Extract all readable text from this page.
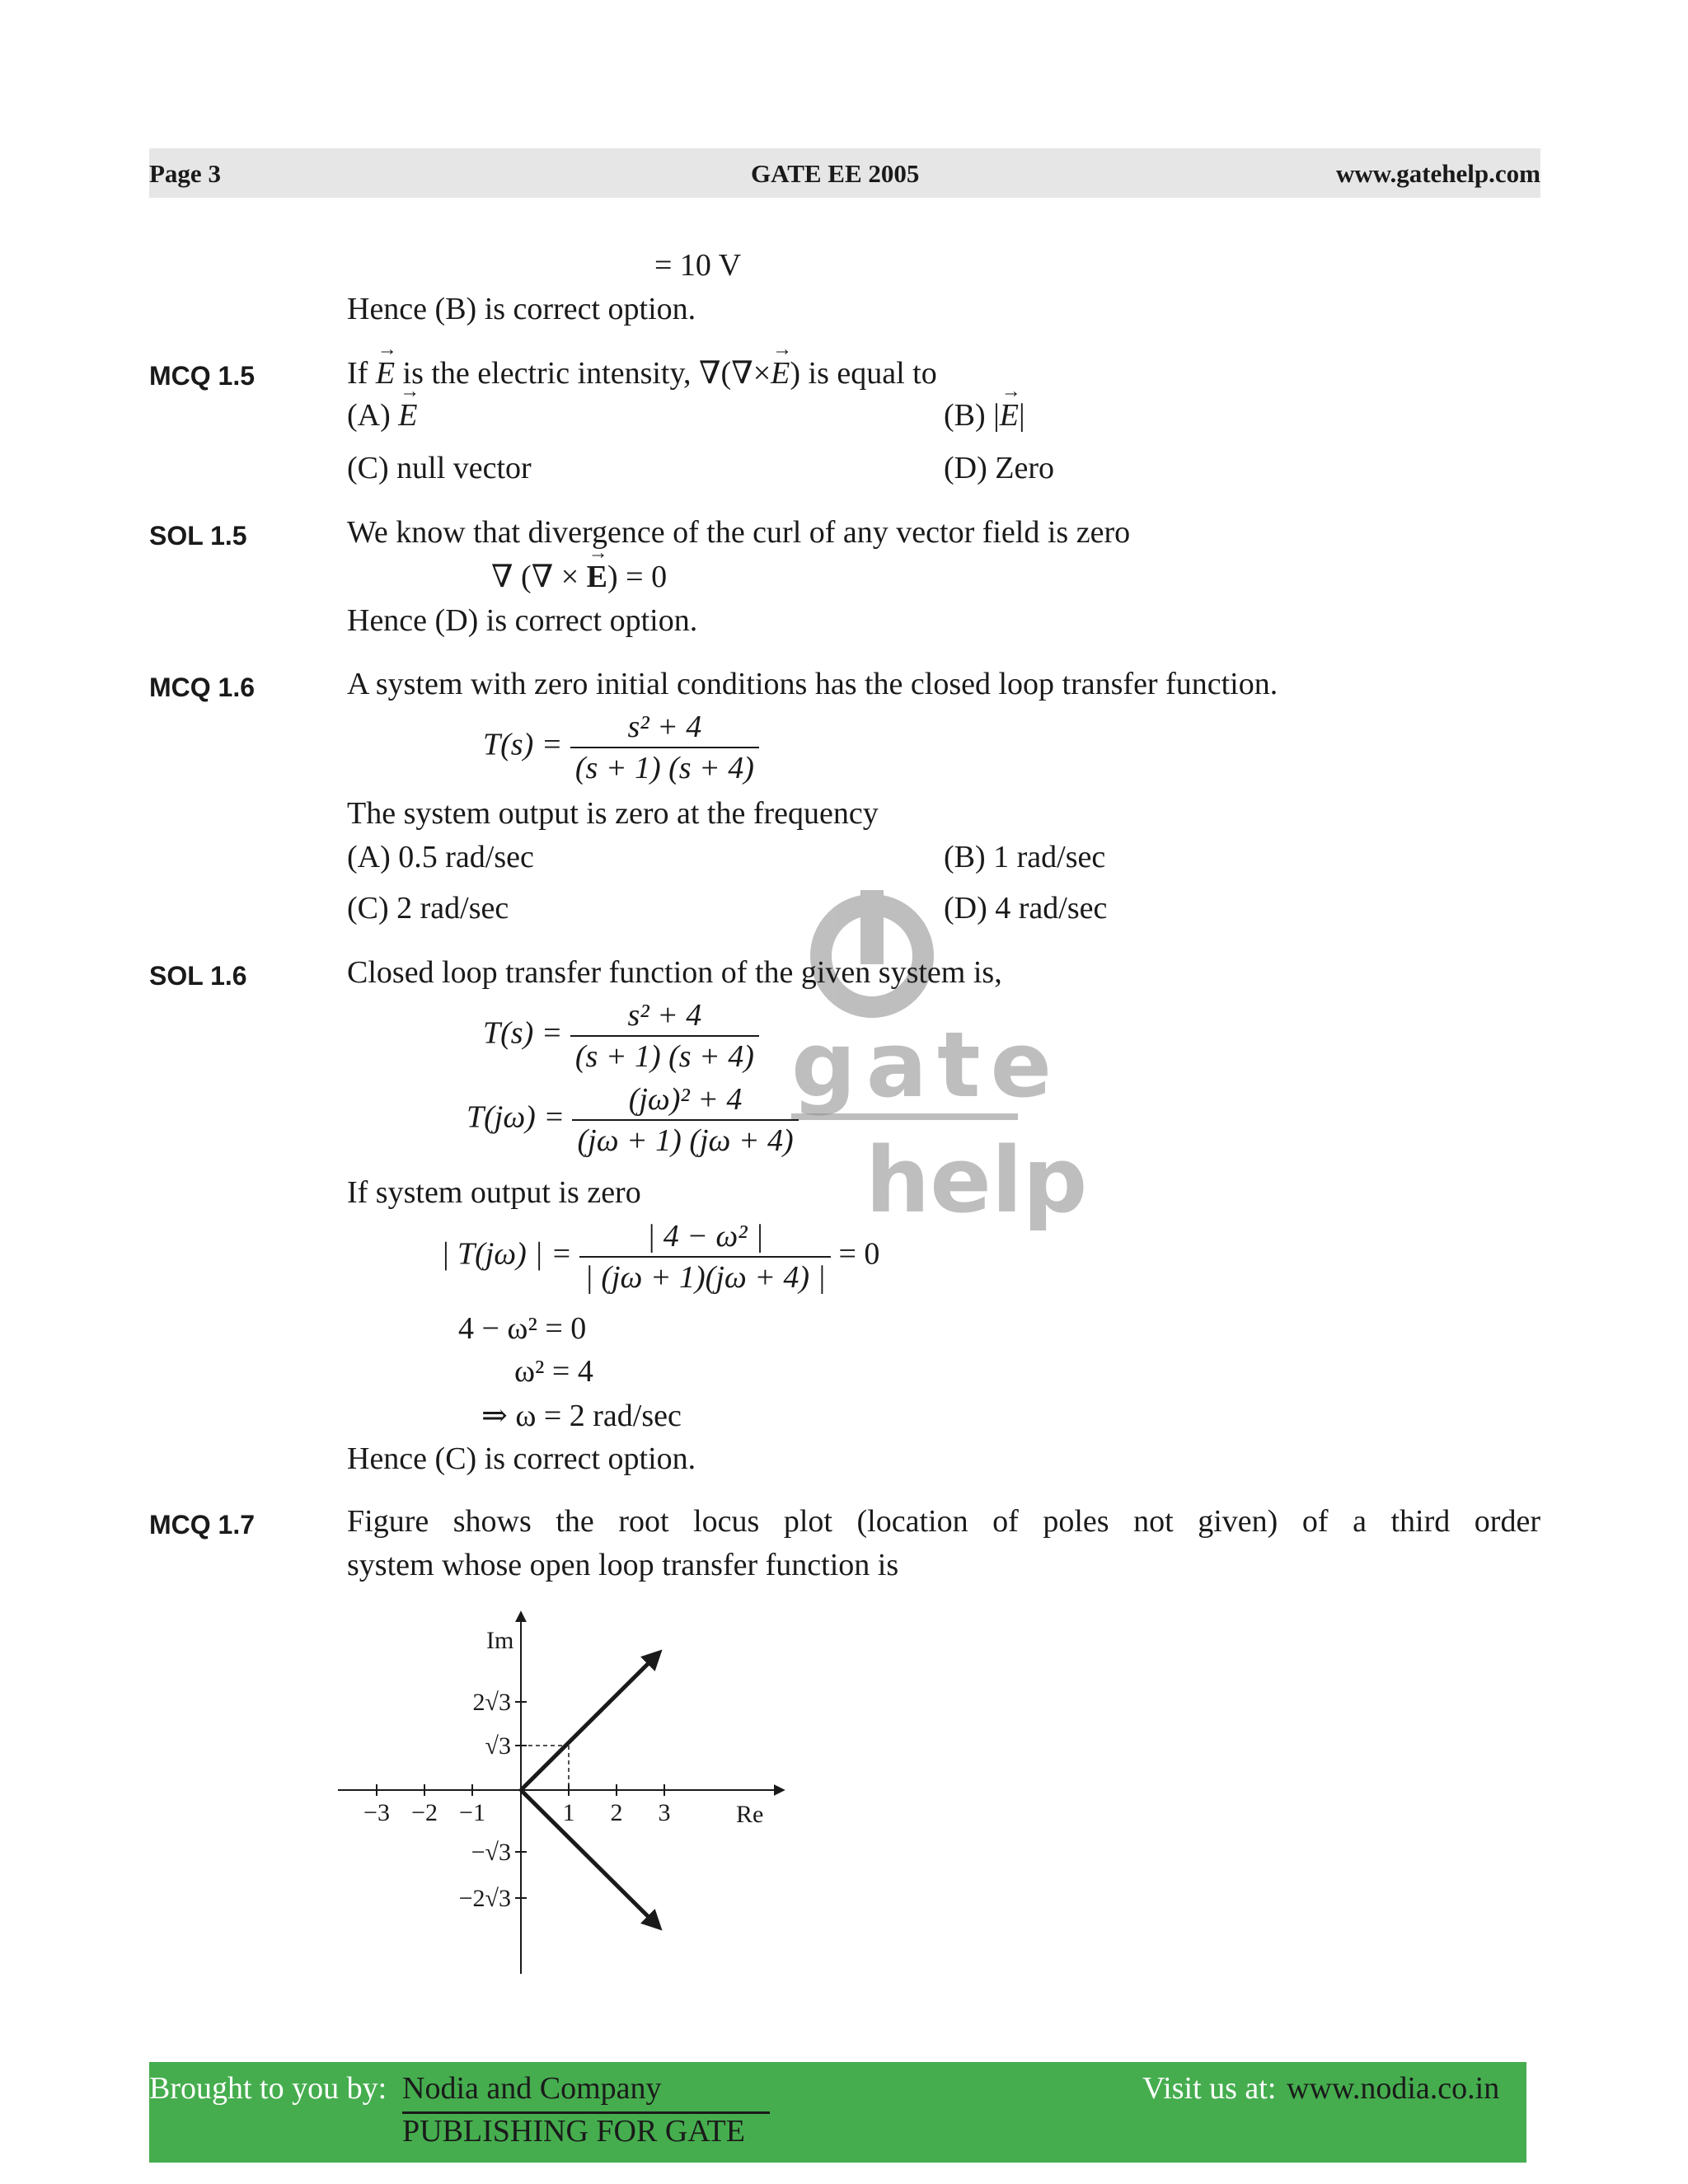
Page 3	GATE EE 2005	www.gatehelp.com
gate
help
= 10 V
Hence (B) is correct option.
MCQ 1.5	If E → is the electric intensity, ∇(∇×E →) is equal to
(A) E →	(B) |E →|
(C) null vector	(D) Zero
SOL 1.5	We know that divergence of the curl of any vector field is zero
∇ (∇ × E →) = 0
Hence (D) is correct option.
MCQ 1.6	A system with zero initial conditions has the closed loop transfer function.
$T(s) = \frac{\text{s² + 4}}{(s + 1) (s + 4)}$
The system output is zero at the frequency
(A) 0.5 rad/sec	(B) 1 rad/sec
(C) 2 rad/sec	(D) 4 rad/sec
SOL 1.6	Closed loop transfer function of the given system is,
$T(s) = \frac{\text{s² + 4}}{(s + 1) (s + 4)}$
$T(j\omega) = \frac{\text{(jω)² + 4}}{(j\omega + 1) (j\omega + 4)}$
If system output is zero
| T(jω) | = $\frac{\text{| 4 − ω² |}}{| (j\omega + 1)(j\omega + 4) |} = 0$
4 − ω² = 0
ω² = 4
⇒ ω = 2 rad/sec
Hence (C) is correct option.
MCQ 1.7	Figure shows the root locus plot (location of poles not given) of a third order
system whose open loop transfer function is
Im
Re
−3 −2 −1	1 2 3
2√3
√3
−√3
−2√3
Brought to you by: Nodia and Company
PUBLISHING FOR GATE
Visit us at: www.nodia.co.in
